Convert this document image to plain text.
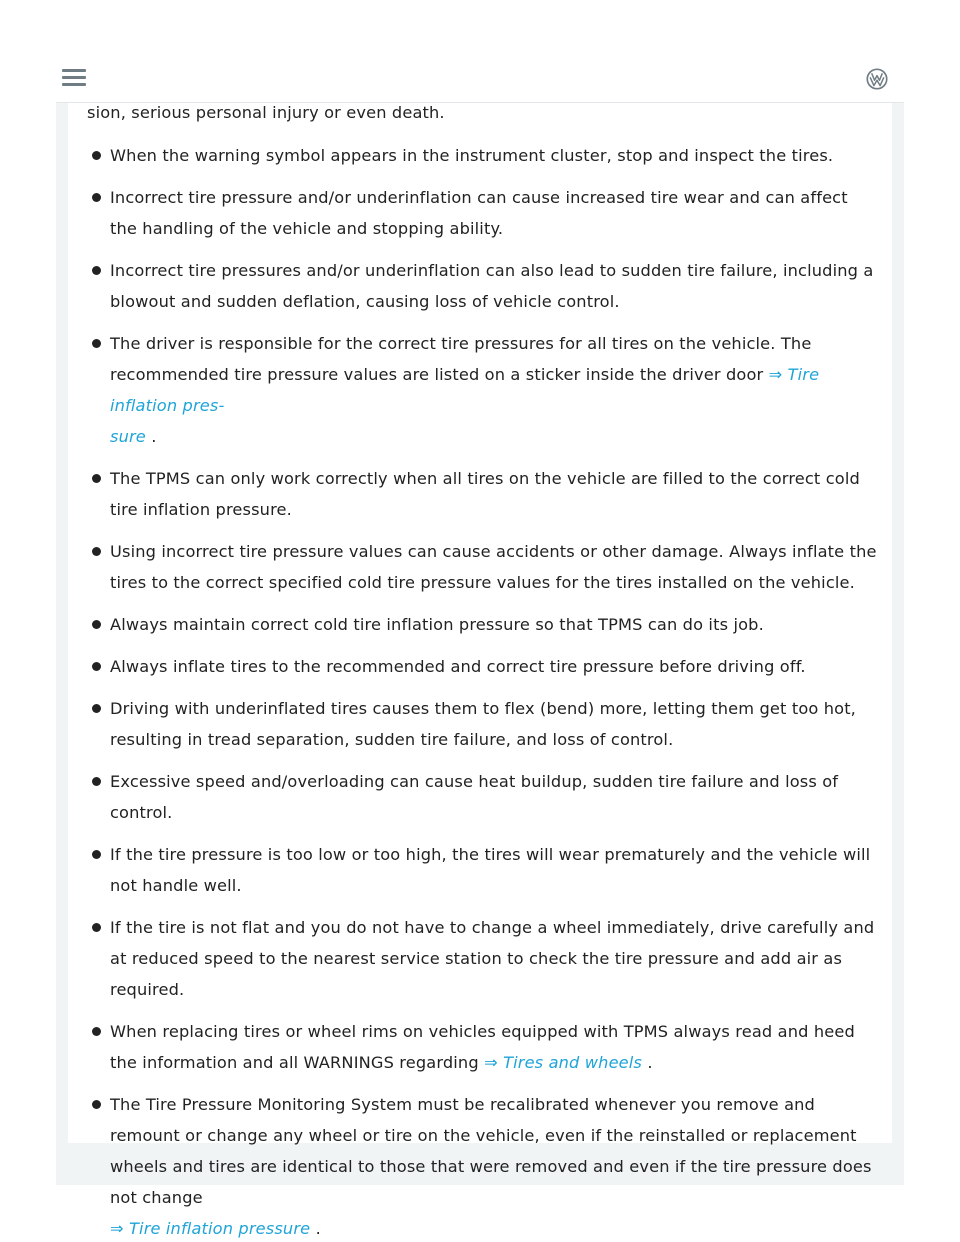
sion, serious personal injury or even death.

When the warning symbol appears in the instrument cluster, stop and inspect the tires.
Incorrect tire pressure and/or underinflation can cause increased tire wear and can affect the handling of the vehicle and stopping ability.
Incorrect tire pressures and/or underinflation can also lead to sudden tire failure, including a blowout and sudden deflation, causing loss of vehicle control.
The driver is responsible for the correct tire pressures for all tires on the vehicle. The recommended tire pressure values are listed on a sticker inside the driver door ⇒ Tire inflation pres-
sure .
The TPMS can only work correctly when all tires on the vehicle are filled to the correct cold tire inflation pressure.
Using incorrect tire pressure values can cause accidents or other damage. Always inflate the tires to the correct specified cold tire pressure values for the tires installed on the vehicle.
Always maintain correct cold tire inflation pressure so that TPMS can do its job.
Always inflate tires to the recommended and correct tire pressure before driving off.
Driving with underinflated tires causes them to flex (bend) more, letting them get too hot, resulting in tread separation, sudden tire failure, and loss of control.
Excessive speed and/overloading can cause heat buildup, sudden tire failure and loss of control.
If the tire pressure is too low or too high, the tires will wear prematurely and the vehicle will not handle well.
If the tire is not flat and you do not have to change a wheel immediately, drive carefully and at reduced speed to the nearest service station to check the tire pressure and add air as required.
When replacing tires or wheel rims on vehicles equipped with TPMS always read and heed the information and all WARNINGS regarding ⇒ Tires and wheels .
The Tire Pressure Monitoring System must be recalibrated whenever you remove and remount or change any wheel or tire on the vehicle, even if the reinstalled or replacement wheels and tires are identical to those that were removed and even if the tire pressure does not change
⇒ Tire inflation pressure .
